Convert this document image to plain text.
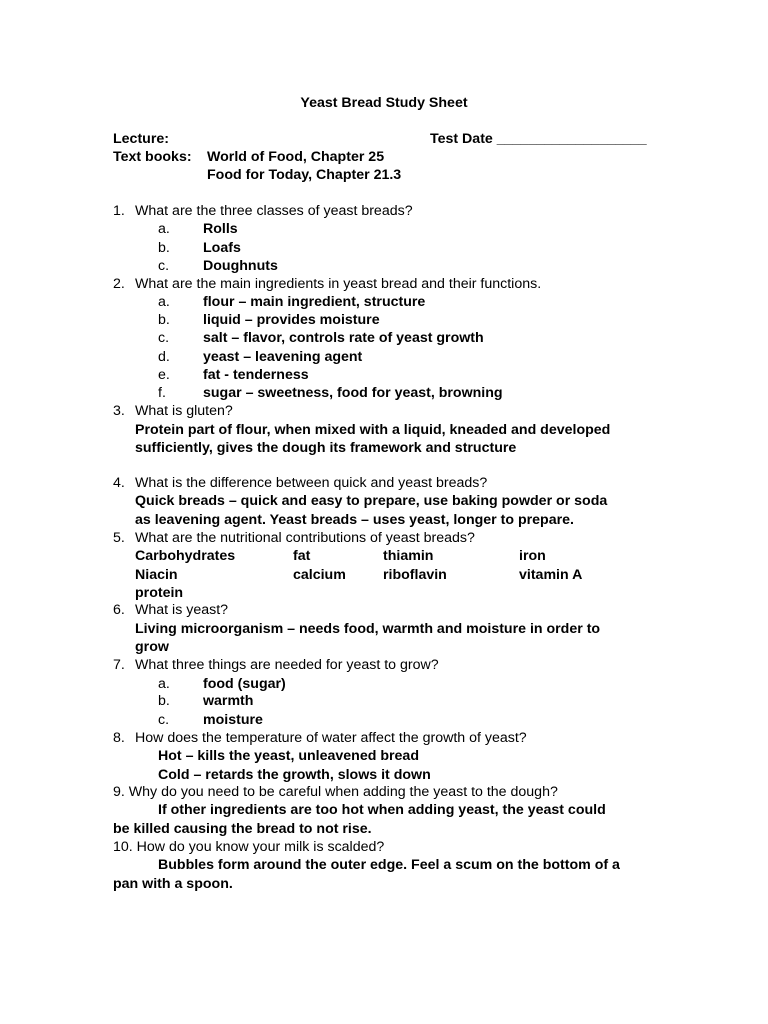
Yeast Bread Study Sheet
Lecture:	Test Date ___________________
Text books: World of Food, Chapter 25
Food for Today, Chapter 21.3
1. What are the three classes of yeast breads?
a. Rolls
b. Loafs
c. Doughnuts
2. What are the main ingredients in yeast bread and their functions.
a. flour – main ingredient, structure
b. liquid – provides moisture
c. salt – flavor, controls rate of yeast growth
d. yeast – leavening agent
e. fat - tenderness
f.	sugar – sweetness, food for yeast, browning
3. What is gluten?
Protein part of flour, when mixed with a liquid, kneaded and developed
sufficiently, gives the dough its framework and structure
4. What is the difference between quick and yeast breads?
Quick breads – quick and easy to prepare, use baking powder or soda
as leavening agent. Yeast breads – uses yeast, longer to prepare.
5. What are the nutritional contributions of yeast breads?
Carbohydrates	fat	thiamin	iron
Niacin	calcium	riboflavin	vitamin A
protein
6. What is yeast?
Living microorganism – needs food, warmth and moisture in order to
grow
7. What three things are needed for yeast to grow?
a. food (sugar)
b. warmth
c. moisture
8. How does the temperature of water affect the growth of yeast?
Hot – kills the yeast, unleavened bread
Cold – retards the growth, slows it down
9. Why do you need to be careful when adding the yeast to the dough?
If other ingredients are too hot when adding yeast, the yeast could
be killed causing the bread to not rise.
10. How do you know your milk is scalded?
Bubbles form around the outer edge. Feel a scum on the bottom of a
pan with a spoon.
